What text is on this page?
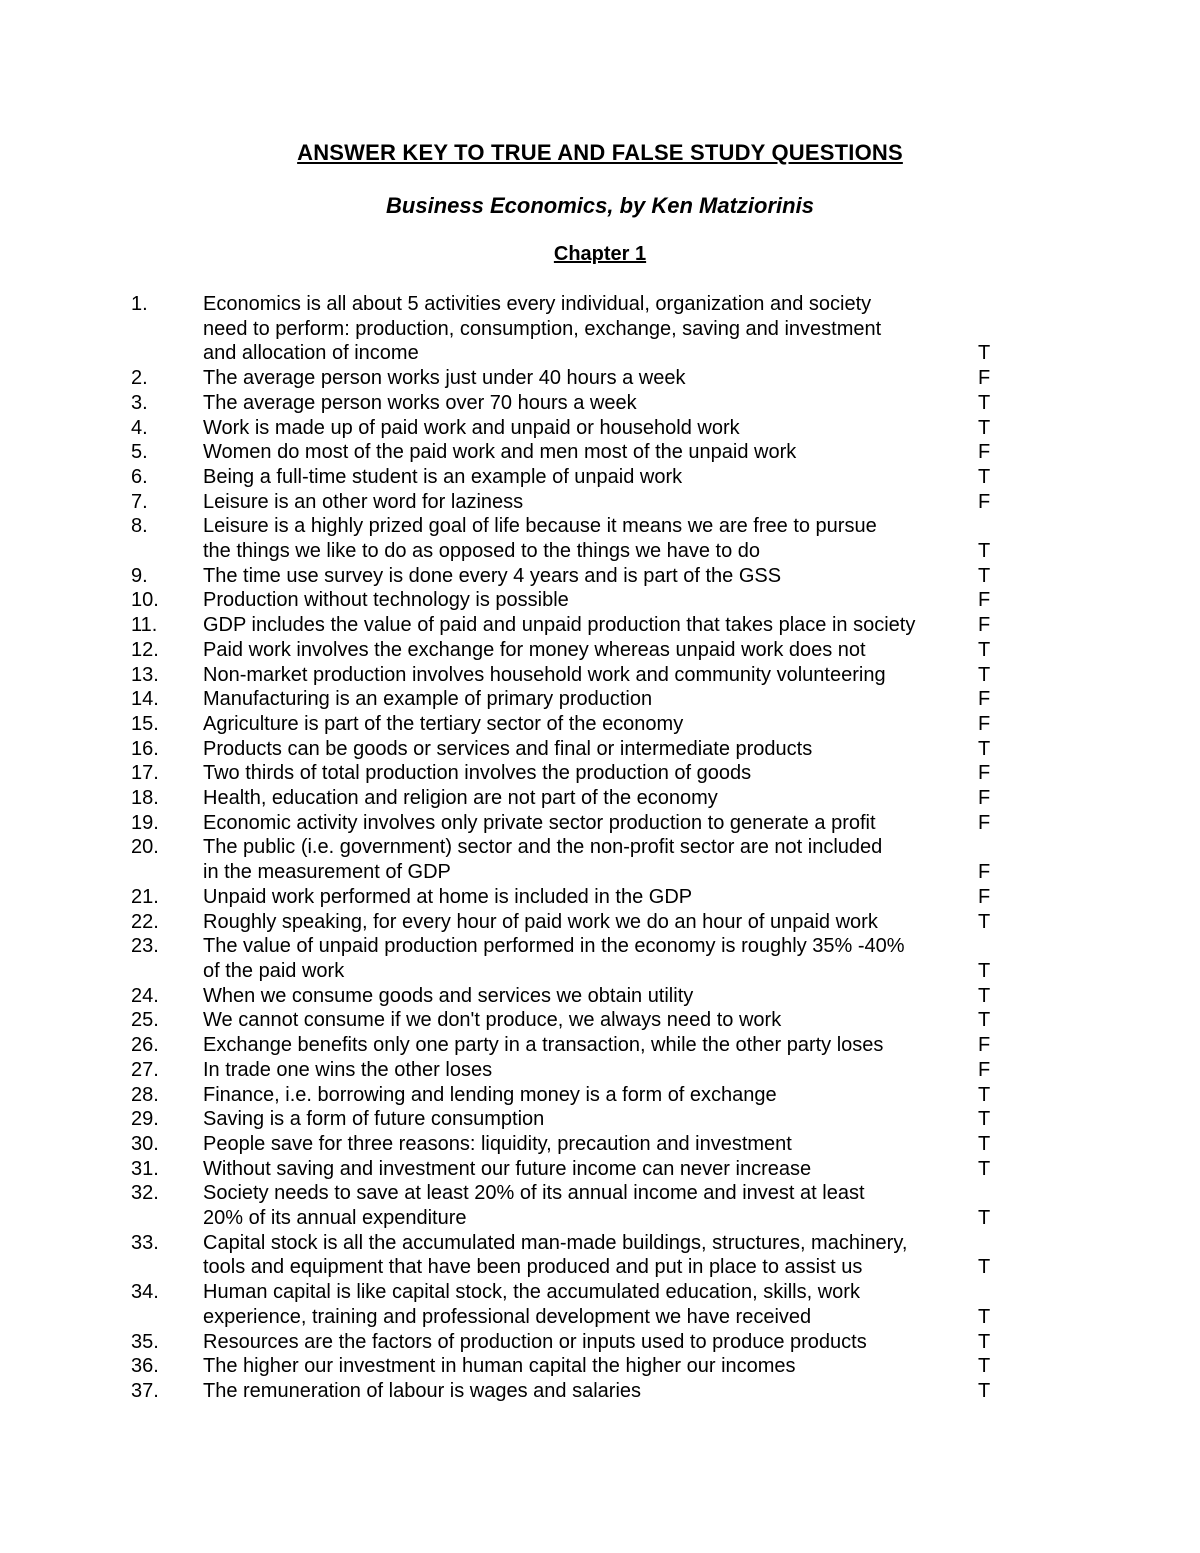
ANSWER KEY TO TRUE AND FALSE STUDY QUESTIONS
Business Economics, by Ken Matziorinis
Chapter 1
1.	Economics is all about 5 activities every individual, organization and society
need to perform: production, consumption, exchange, saving and investment
and allocation of income	T
2.	The average person works just under 40 hours a week	F
3.	The average person works over 70 hours a week	T
4.	Work is made up of paid work and unpaid or household work	T
5.	Women do most of the paid work and men most of the unpaid work	F
6.	Being a full-time student is an example of unpaid work	T
7.	Leisure is an other word for laziness	F
8.	Leisure is a highly prized goal of life because it means we are free to pursue
the things we like to do as opposed to the things we have to do	T
9.	The time use survey is done every 4 years and is part of the GSS	T
10. Production without technology is possible	F
11. GDP includes the value of paid and unpaid production that takes place in society	F
12. Paid work involves the exchange for money whereas unpaid work does not	T
13. Non-market production involves household work and community volunteering	T
14. Manufacturing is an example of primary production	F
15. Agriculture is part of the tertiary sector of the economy	F
16. Products can be goods or services and final or intermediate products	T
17. Two thirds of total production involves the production of goods	F
18. Health, education and religion are not part of the economy	F
19. Economic activity involves only private sector production to generate a profit	F
20. The public (i.e. government) sector and the non-profit sector are not included
in the measurement of GDP	F
21. Unpaid work performed at home is included in the GDP	F
22. Roughly speaking, for every hour of paid work we do an hour of unpaid work	T
23. The value of unpaid production performed in the economy is roughly 35% -40%
of the paid work	T
24. When we consume goods and services we obtain utility	T
25. We cannot consume if we don't produce, we always need to work	T
26. Exchange benefits only one party in a transaction, while the other party loses	F
27. In trade one wins the other loses	F
28. Finance, i.e. borrowing and lending money is a form of exchange	T
29. Saving is a form of future consumption	T
30. People save for three reasons: liquidity, precaution and investment	T
31. Without saving and investment our future income can never increase	T
32. Society needs to save at least 20% of its annual income and invest at least
20% of its annual expenditure	T
33. Capital stock is all the accumulated man-made buildings, structures, machinery,
tools and equipment that have been produced and put in place to assist us	T
34. Human capital is like capital stock, the accumulated education, skills, work
experience, training and professional development we have received	T
35. Resources are the factors of production or inputs used to produce products	T
36. The higher our investment in human capital the higher our incomes	T
37. The remuneration of labour is wages and salaries	T
